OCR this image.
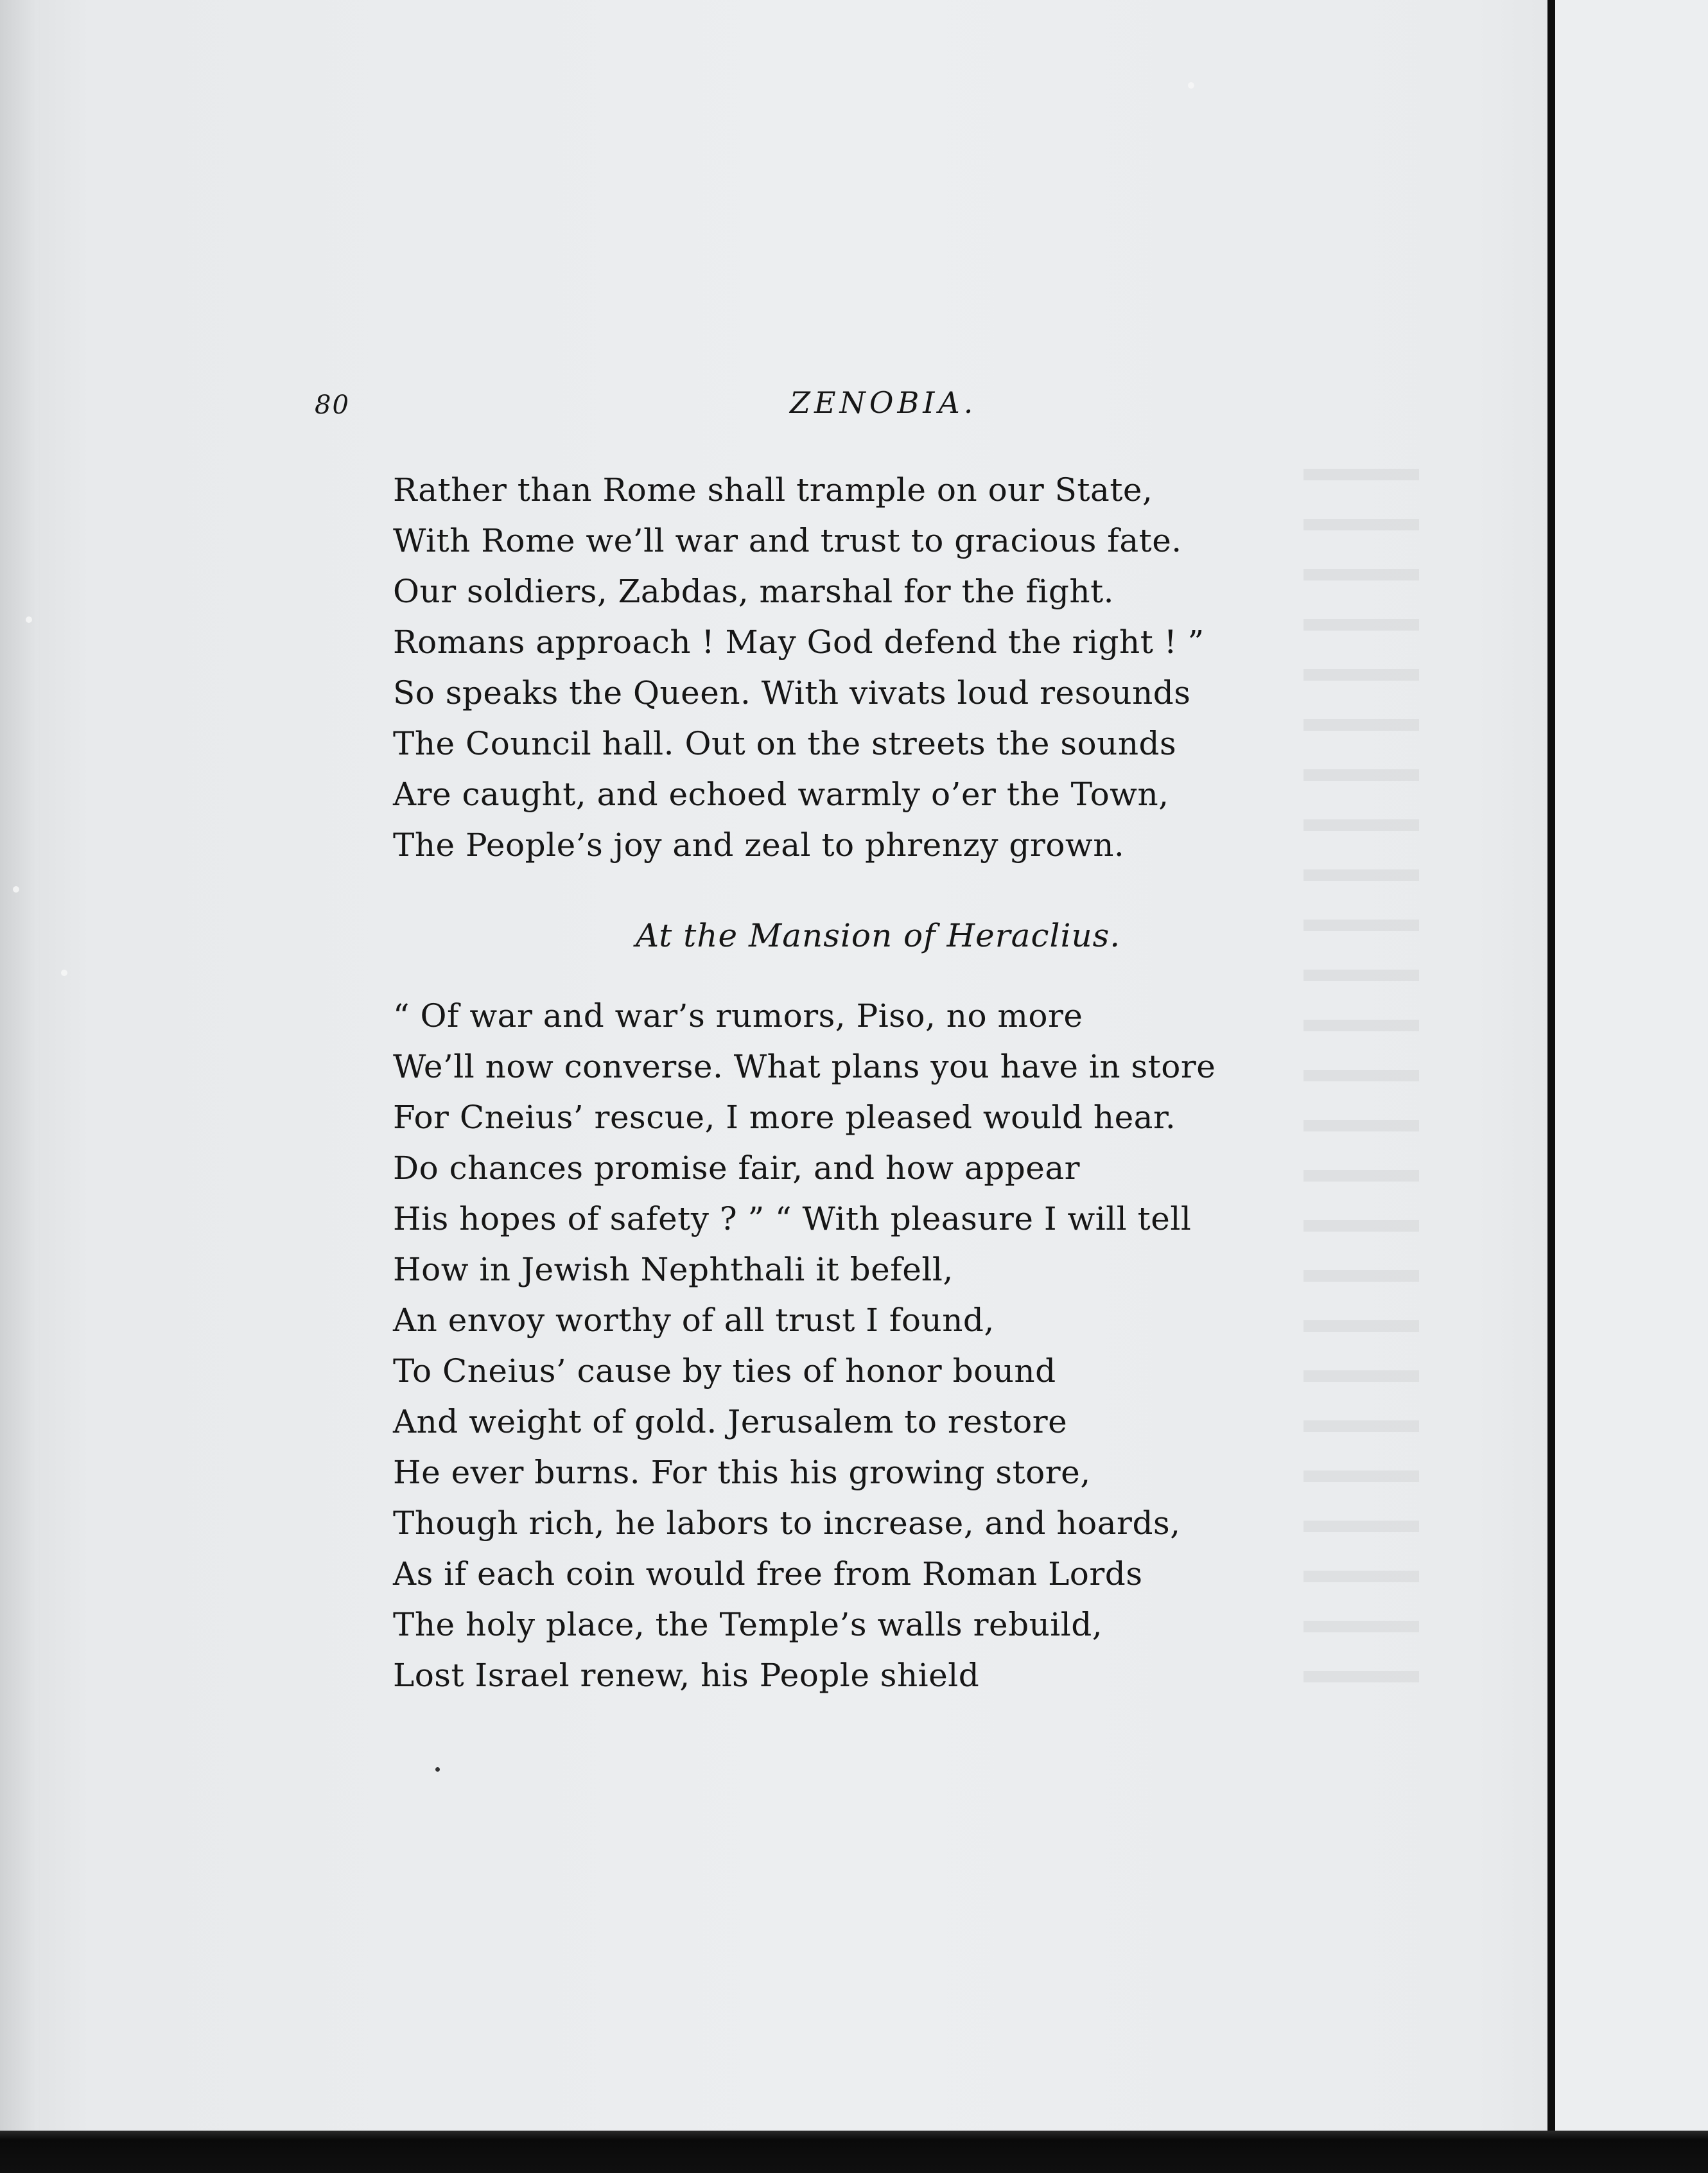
80	ZENOBIA.
Rather than Rome shall trample on our State,
With Rome we’ll war and trust to gracious fate.
Our soldiers, Zabdas, marshal for the fight.
Romans approach ! May God defend the right ! ”
So speaks the Queen. With vivats loud resounds
The Council hall. Out on the streets the sounds
Are caught, and echoed warmly o’er the Town,
The People’s joy and zeal to phrenzy grown.
At the Mansion of Heraclius.
“ Of war and war’s rumors, Piso, no more
We’ll now converse. What plans you have in store
For Cneius’ rescue, I more pleased would hear.
Do chances promise fair, and how appear
His hopes of safety ? ” “ With pleasure I will tell
How in Jewish Nephthali it befell,
An envoy worthy of all trust I found,
To Cneius’ cause by ties of honor bound
And weight of gold. Jerusalem to restore
He ever burns. For this his growing store,
Though rich, he labors to increase, and hoards,
As if each coin would free from Roman Lords
The holy place, the Temple’s walls rebuild,
Lost Israel renew, his People shield
